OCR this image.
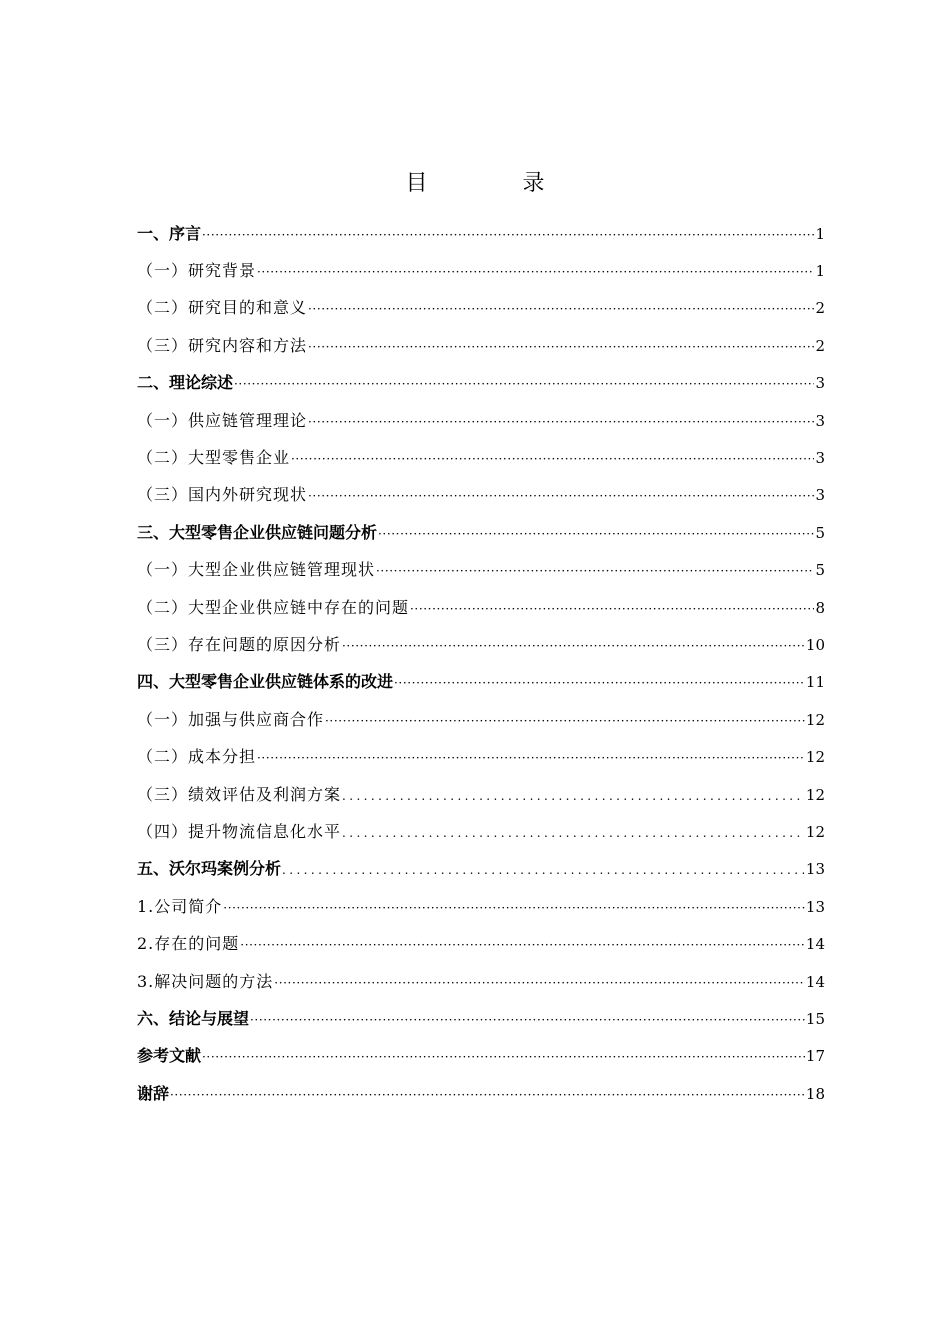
目 录
一、序言 ·····	1
（一）研究背景 ·····	1
（二）研究目的和意义 ·····	2
（三）研究内容和方法 ·····	2
二、理论综述 ·····	3
（一）供应链管理理论 ·····	3
（二）大型零售企业 ·····	3
（三）国内外研究现状 ·····	3
三、大型零售企业供应链问题分析 ·····	5
（一）大型企业供应链管理现状 ·····	5
（二）大型企业供应链中存在的问题 ·····	8
（三）存在问题的原因分析 ·····	10
四、大型零售企业供应链体系的改进 ·····	11
（一）加强与供应商合作 ·····	12
（二）成本分担 ·····	12
（三）绩效评估及利润方案 .....	12
（四）提升物流信息化水平 .....	12
五、沃尔玛案例分析 .....	13
1.公司简介 ·····	13
2.存在的问题 ·····	14
3.解决问题的方法 ·····	14
六、结论与展望 ·····	15
参考文献 ·····	17
谢辞 ·····	18
